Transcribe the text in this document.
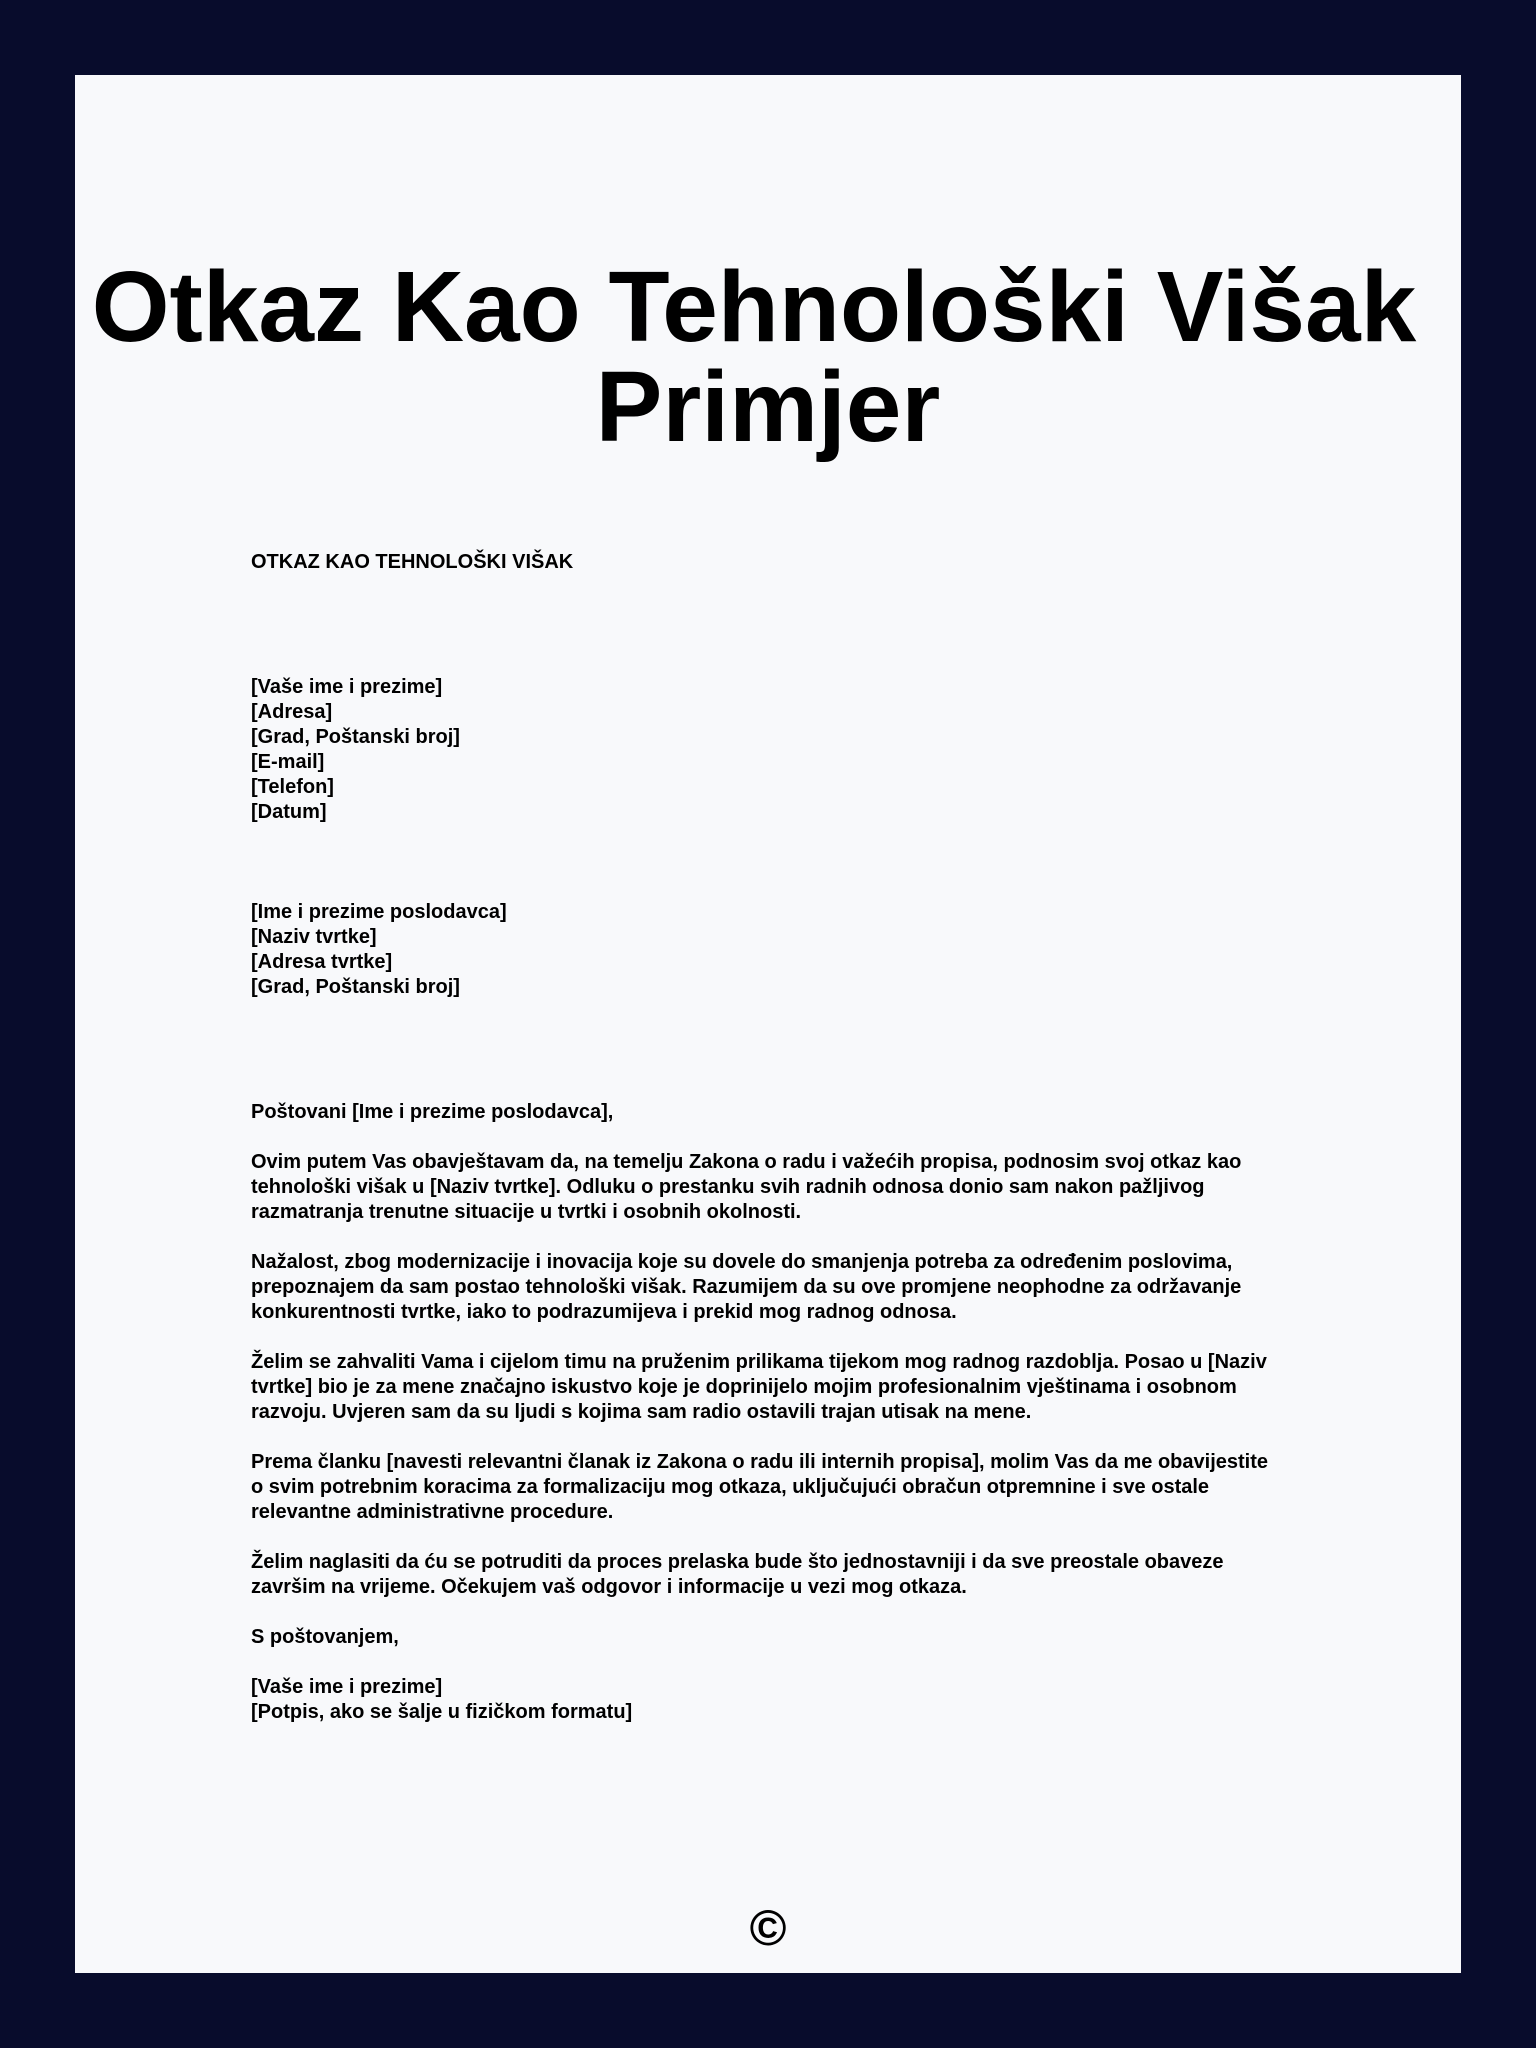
Otkaz Kao Tehnološki Višak
Primjer
OTKAZ KAO TEHNOLOŠKI VIŠAK
[Vaše ime i prezime]
[Adresa]
[Grad, Poštanski broj]
[E-mail]
[Telefon]
[Datum]
[Ime i prezime poslodavca]
[Naziv tvrtke]
[Adresa tvrtke]
[Grad, Poštanski broj]
Poštovani [Ime i prezime poslodavca],
Ovim putem Vas obavještavam da, na temelju Zakona o radu i važećih propisa, podnosim svoj otkaz kao
tehnološki višak u [Naziv tvrtke]. Odluku o prestanku svih radnih odnosa donio sam nakon pažljivog
razmatranja trenutne situacije u tvrtki i osobnih okolnosti.
Nažalost, zbog modernizacije i inovacija koje su dovele do smanjenja potreba za određenim poslovima,
prepoznajem da sam postao tehnološki višak. Razumijem da su ove promjene neophodne za održavanje
konkurentnosti tvrtke, iako to podrazumijeva i prekid mog radnog odnosa.
Želim se zahvaliti Vama i cijelom timu na pruženim prilikama tijekom mog radnog razdoblja. Posao u [Naziv
tvrtke] bio je za mene značajno iskustvo koje je doprinijelo mojim profesionalnim vještinama i osobnom
razvoju. Uvjeren sam da su ljudi s kojima sam radio ostavili trajan utisak na mene.
Prema članku [navesti relevantni članak iz Zakona o radu ili internih propisa], molim Vas da me obavijestite
o svim potrebnim koracima za formalizaciju mog otkaza, uključujući obračun otpremnine i sve ostale
relevantne administrativne procedure.
Želim naglasiti da ću se potruditi da proces prelaska bude što jednostavniji i da sve preostale obaveze
završim na vrijeme. Očekujem vaš odgovor i informacije u vezi mog otkaza.
S poštovanjem,
[Vaše ime i prezime]
[Potpis, ako se šalje u fizičkom formatu]
©
